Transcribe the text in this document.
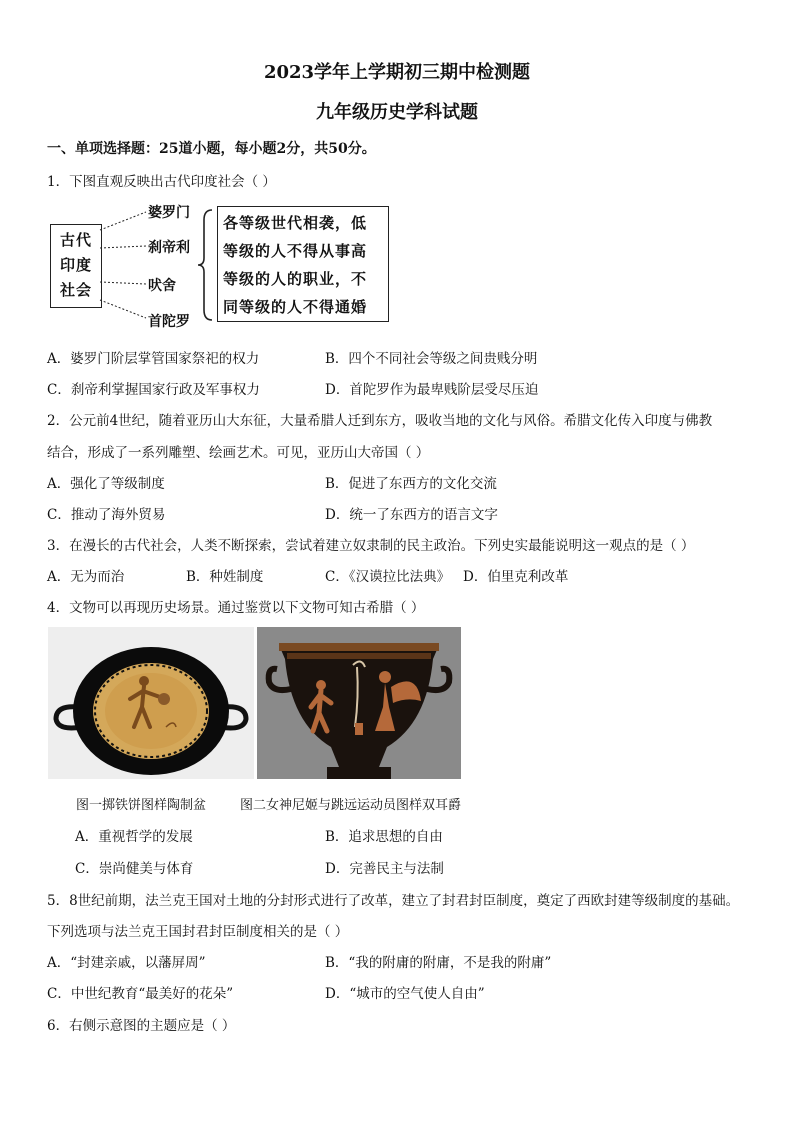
2023学年上学期初三期中检测题
九年级历史学科试题
一、单项选择题：25道小题，每小题2分，共50分。
1．下图直观反映出古代印度社会（ ）
古代
印度
社会
婆罗门
刹帝利
吠舍
首陀罗
各等级世代相袭，低
等级的人不得从事高
等级的人的职业，不
同等级的人不得通婚
A．婆罗门阶层掌管国家祭祀的权力	B．四个不同社会等级之间贵贱分明
C．刹帝利掌握国家行政及军事权力	D．首陀罗作为最卑贱阶层受尽压迫
2．公元前4世纪，随着亚历山大东征，大量希腊人迁到东方，吸收当地的文化与风俗。希腊文化传入印度与佛教
结合，形成了一系列雕塑、绘画艺术。可见，亚历山大帝国（ ）
A．强化了等级制度	B．促进了东西方的文化交流
C．推动了海外贸易	D．统一了东西方的语言文字
3．在漫长的古代社会，人类不断探索，尝试着建立奴隶制的民主政治。下列史实最能说明这一观点的是（ ）
A．无为而治	B．种姓制度	C．《汉谟拉比法典》 D．伯里克利改革
4．文物可以再现历史场景。通过鉴赏以下文物可知古希腊（ ）
图一掷铁饼图样陶制盆	图二女神尼姬与跳远运动员图样双耳爵
A．重视哲学的发展	B．追求思想的自由
C．崇尚健美与体育	D．完善民主与法制
5．8世纪前期，法兰克王国对土地的分封形式进行了改革，建立了封君封臣制度，奠定了西欧封建等级制度的基础。
下列选项与法兰克王国封君封臣制度相关的是（ ）
A．“封建亲戚，以藩屏周”	B．“我的附庸的附庸，不是我的附庸”
C．中世纪教育“最美好的花朵”	D．“城市的空气使人自由”
6．右侧示意图的主题应是（ ）
